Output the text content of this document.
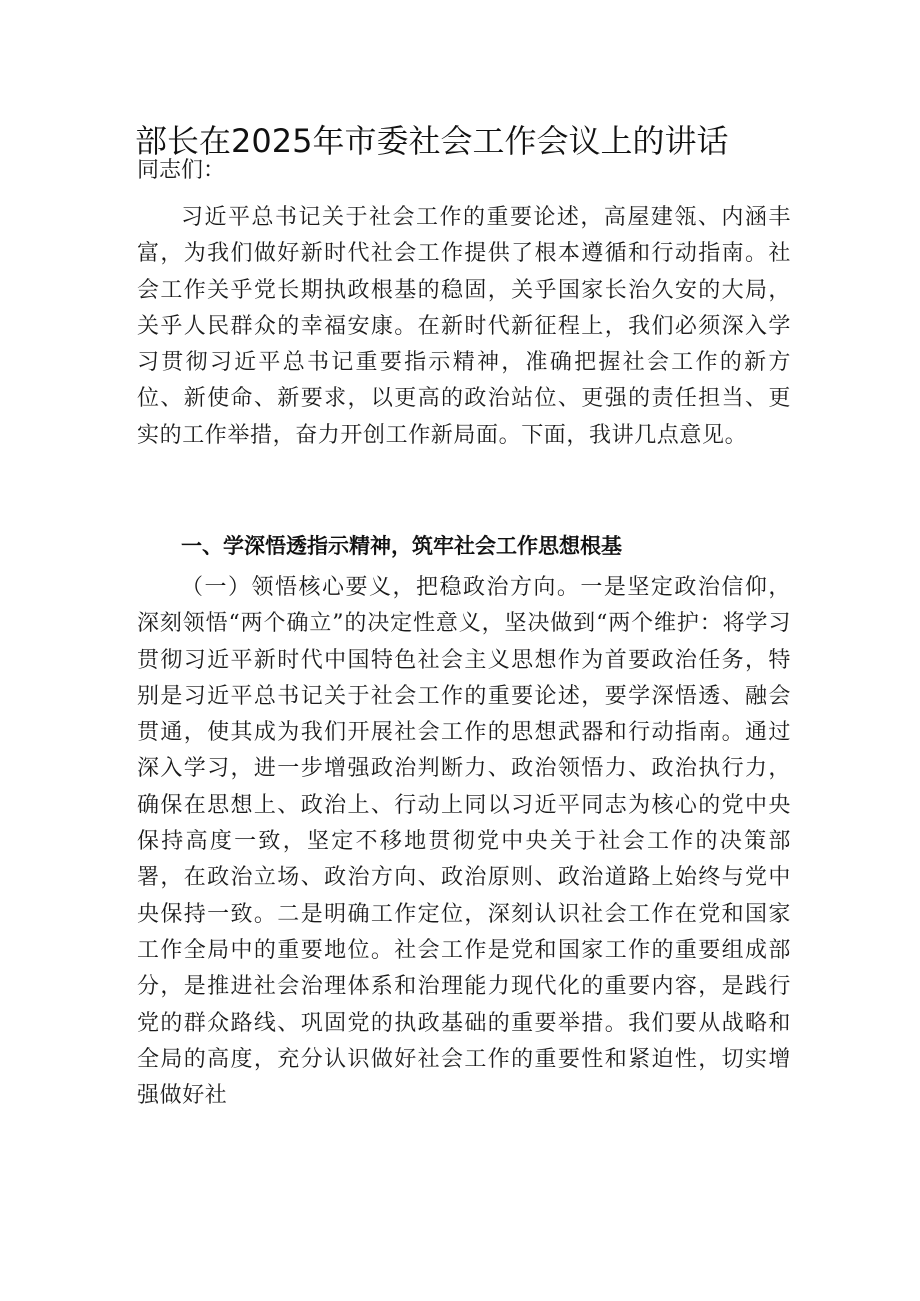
部长在2025年市委社会工作会议上的讲话

同志们：

习近平总书记关于社会工作的重要论述，高屋建瓴、内涵丰富，为我们做好新时代社会工作提供了根本遵循和行动指南。社会工作关乎党长期执政根基的稳固，关乎国家长治久安的大局，关乎人民群众的幸福安康。在新时代新征程上，我们必须深入学习贯彻习近平总书记重要指示精神，准确把握社会工作的新方位、新使命、新要求，以更高的政治站位、更强的责任担当、更实的工作举措，奋力开创工作新局面。下面，我讲几点意见。

一、学深悟透指示精神，筑牢社会工作思想根基

（一）领悟核心要义，把稳政治方向。一是坚定政治信仰，深刻领悟“两个确立”的决定性意义，坚决做到“两个维护：将学习贯彻习近平新时代中国特色社会主义思想作为首要政治任务，特别是习近平总书记关于社会工作的重要论述，要学深悟透、融会贯通，使其成为我们开展社会工作的思想武器和行动指南。通过深入学习，进一步增强政治判断力、政治领悟力、政治执行力，确保在思想上、政治上、行动上同以习近平同志为核心的党中央保持高度一致，坚定不移地贯彻党中央关于社会工作的决策部署，在政治立场、政治方向、政治原则、政治道路上始终与党中央保持一致。二是明确工作定位，深刻认识社会工作在党和国家工作全局中的重要地位。社会工作是党和国家工作的重要组成部分，是推进社会治理体系和治理能力现代化的重要内容，是践行党的群众路线、巩固党的执政基础的重要举措。我们要从战略和全局的高度，充分认识做好社会工作的重要性和紧迫性，切实增强做好社
